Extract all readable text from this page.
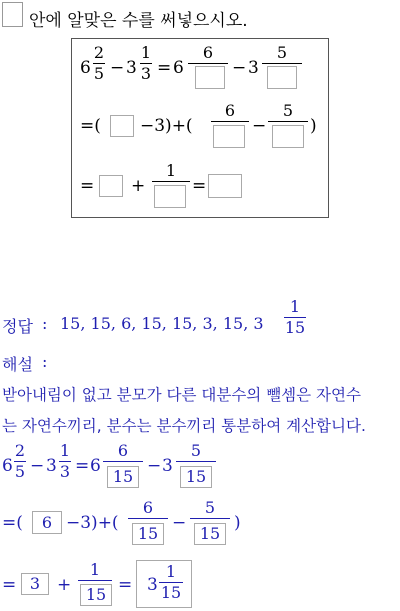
안에 알맞은 수를 써넣으시오.
6
2
5 − 3
1
3 = 6
6
− 3
5
=( −3)+(
6
−
5
)
= +
1
=
정답 : 15, 15, 6, 15, 15, 3, 15, 3
1
15
해설 :
받아내림이 없고 분모가 다른 대분수의 뺄셈은 자연수
는 자연수끼리, 분수는 분수끼리 통분하여 계산합니다.
6
2
5 − 3
1
3 = 6
6
15
− 3
5
15
=(	6 −3)+(
6
15
−
5
15
)
= 3 +
1
15 = 3
1
15
